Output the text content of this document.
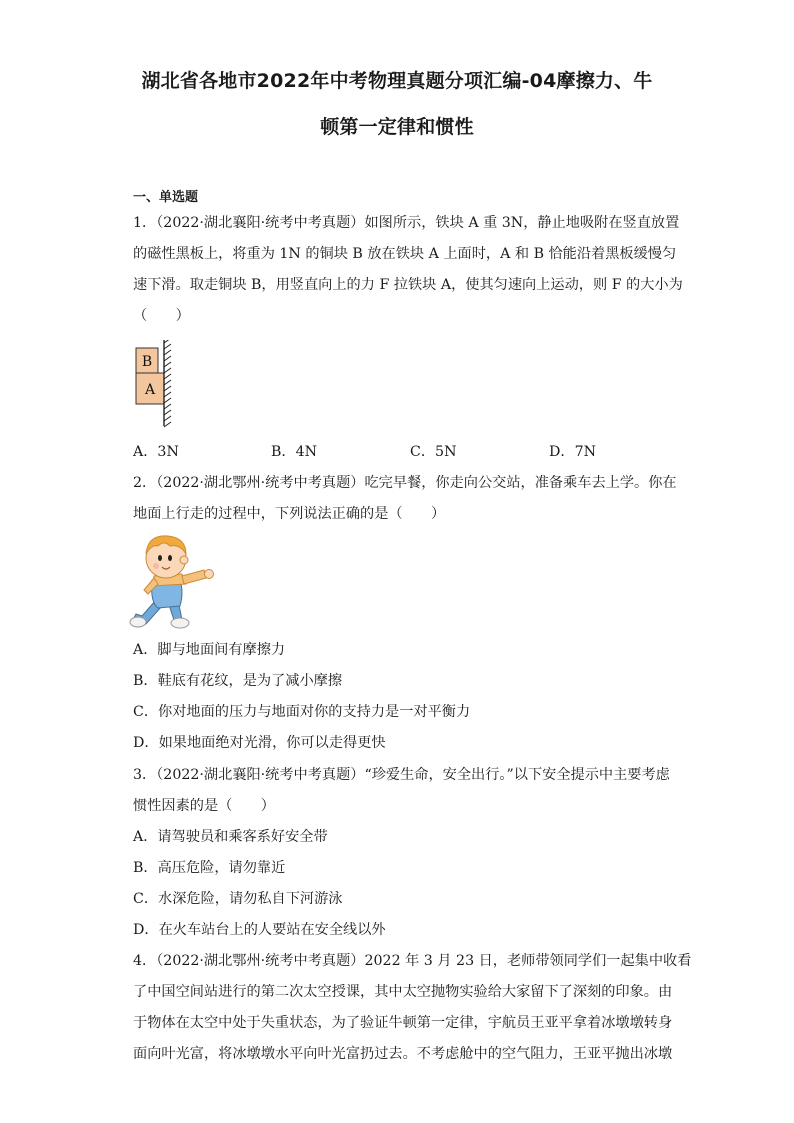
湖北省各地市2022年中考物理真题分项汇编-04摩擦力、牛
顿第一定律和惯性
一、单选题
1．（2022·湖北襄阳·统考中考真题）如图所示，铁块 A 重 3N，静止地吸附在竖直放置
的磁性黑板上，将重为 1N 的铜块 B 放在铁块 A 上面时，A 和 B 恰能沿着黑板缓慢匀
速下滑。取走铜块 B，用竖直向上的力 F 拉铁块 A，使其匀速向上运动，则 F 的大小为
（　　）
B
A
A．3N	B．4N	C．5N	D．7N
2．（2022·湖北鄂州·统考中考真题）吃完早餐，你走向公交站，准备乘车去上学。你在
地面上行走的过程中，下列说法正确的是（　　）
A．脚与地面间有摩擦力
B．鞋底有花纹，是为了减小摩擦
C．你对地面的压力与地面对你的支持力是一对平衡力
D．如果地面绝对光滑，你可以走得更快
3．（2022·湖北襄阳·统考中考真题）“珍爱生命，安全出行。”以下安全提示中主要考虑
惯性因素的是（　　）
A．请驾驶员和乘客系好安全带
B．高压危险，请勿靠近
C．水深危险，请勿私自下河游泳
D．在火车站台上的人要站在安全线以外
4．（2022·湖北鄂州·统考中考真题）2022 年 3 月 23 日，老师带领同学们一起集中收看
了中国空间站进行的第二次太空授课，其中太空抛物实验给大家留下了深刻的印象。由
于物体在太空中处于失重状态，为了验证牛顿第一定律，宇航员王亚平拿着冰墩墩转身
面向叶光富，将冰墩墩水平向叶光富扔过去。不考虑舱中的空气阻力，王亚平抛出冰墩
